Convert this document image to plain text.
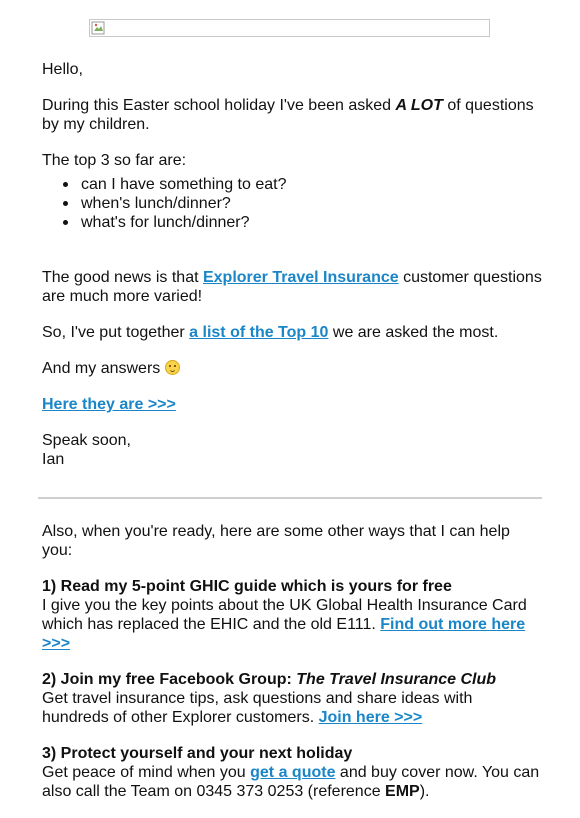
Hello,

During this Easter school holiday I've been asked A LOT of questions by my children.

The top 3 so far are:

can I have something to eat?
when's lunch/dinner?
what's for lunch/dinner?

The good news is that Explorer Travel Insurance customer questions are much more varied!

So, I've put together a list of the Top 10 we are asked the most.

And my answers

Here they are >>>

Speak soon,
Ian

Also, when you're ready, here are some other ways that I can help you:

1) Read my 5-point GHIC guide which is yours for free
I give you the key points about the UK Global Health Insurance Card which has replaced the EHIC and the old E111. Find out more here >>>

2) Join my free Facebook Group: The Travel Insurance Club
Get travel insurance tips, ask questions and share ideas with hundreds of other Explorer customers. Join here >>>

3) Protect yourself and your next holiday
Get peace of mind when you get a quote and buy cover now. You can also call the Team on 0345 373 0253 (reference EMP).
